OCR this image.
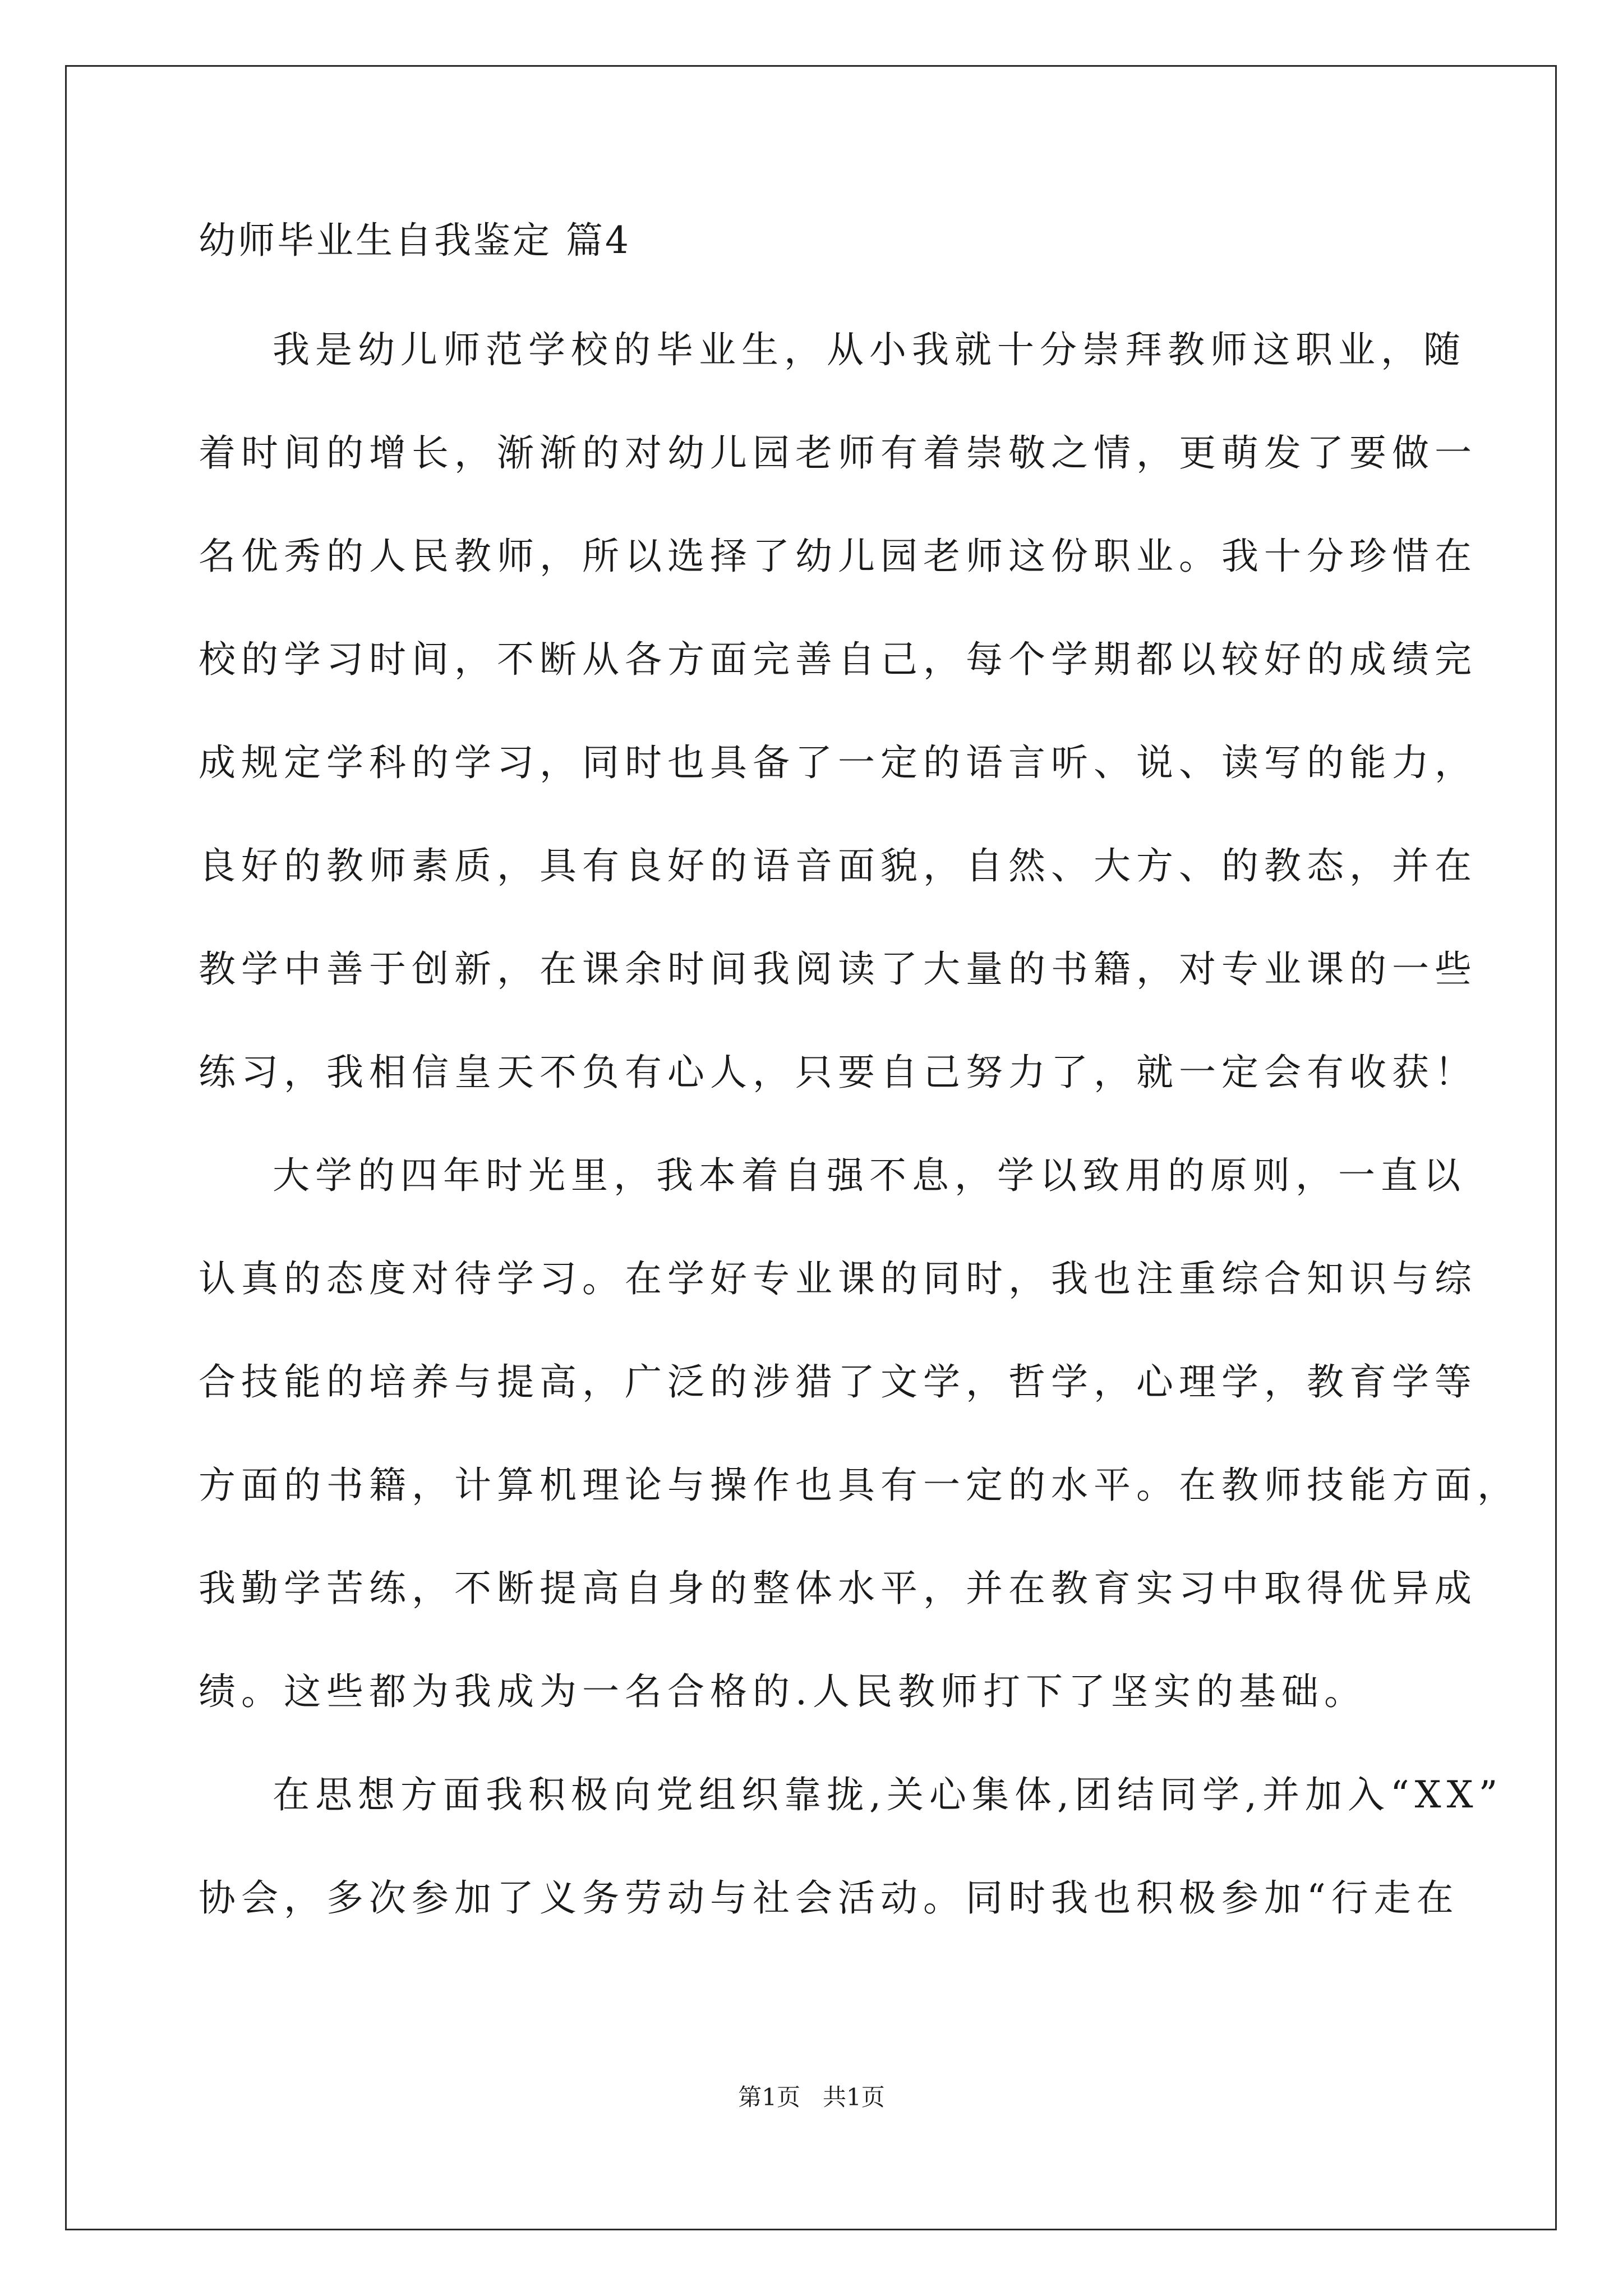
幼师毕业生自我鉴定 篇4
我是幼儿师范学校的毕业生，从小我就十分崇拜教师这职业，随
着时间的增长，渐渐的对幼儿园老师有着崇敬之情，更萌发了要做一
名优秀的人民教师，所以选择了幼儿园老师这份职业。我十分珍惜在
校的学习时间，不断从各方面完善自己，每个学期都以较好的成绩完
成规定学科的学习，同时也具备了一定的语言听、说、读写的能力，
良好的教师素质，具有良好的语音面貌，自然、大方、的教态，并在
教学中善于创新，在课余时间我阅读了大量的书籍，对专业课的一些
练习，我相信皇天不负有心人，只要自己努力了，就一定会有收获！
大学的四年时光里，我本着自强不息，学以致用的原则，一直以
认真的态度对待学习。在学好专业课的同时，我也注重综合知识与综
合技能的培养与提高，广泛的涉猎了文学，哲学，心理学，教育学等
方面的书籍，计算机理论与操作也具有一定的水平。在教师技能方面，
我勤学苦练，不断提高自身的整体水平，并在教育实习中取得优异成
绩。这些都为我成为一名合格的.人民教师打下了坚实的基础。
在思想方面我积极向党组织靠拢,关心集体,团结同学,并加入“XX”
协会，多次参加了义务劳动与社会活动。同时我也积极参加“行走在
第1页 共1页
